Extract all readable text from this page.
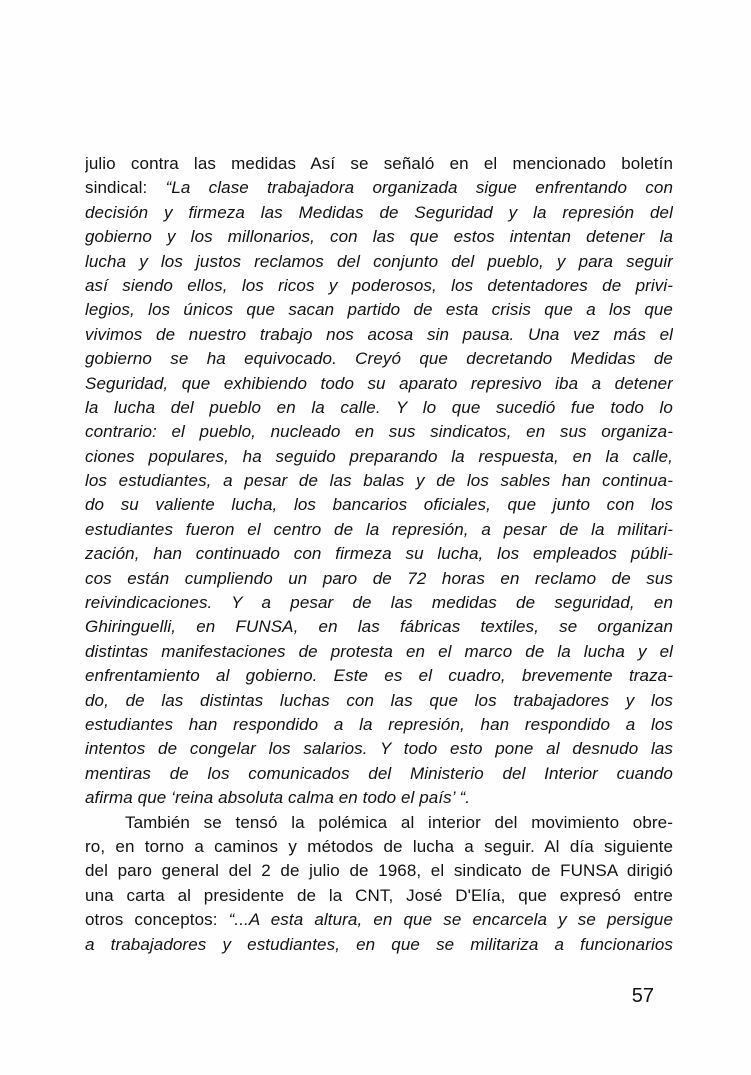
julio contra las medidas Así se señaló en el mencionado boletín
sindical: “La clase trabajadora organizada sigue enfrentando con
decisión y firmeza las Medidas de Seguridad y la represión del
gobierno y los millonarios, con las que estos intentan detener la
lucha y los justos reclamos del conjunto del pueblo, y para seguir
así siendo ellos, los ricos y poderosos, los detentadores de privi-
legios, los únicos que sacan partido de esta crisis que a los que
vivimos de nuestro trabajo nos acosa sin pausa. Una vez más el
gobierno se ha equivocado. Creyó que decretando Medidas de
Seguridad, que exhibiendo todo su aparato represivo iba a detener
la lucha del pueblo en la calle. Y lo que sucedió fue todo lo
contrario: el pueblo, nucleado en sus sindicatos, en sus organiza-
ciones populares, ha seguido preparando la respuesta, en la calle,
los estudiantes, a pesar de las balas y de los sables han continua-
do su valiente lucha, los bancarios oficiales, que junto con los
estudiantes fueron el centro de la represión, a pesar de la militari-
zación, han continuado con firmeza su lucha, los empleados públi-
cos están cumpliendo un paro de 72 horas en reclamo de sus
reivindicaciones. Y a pesar de las medidas de seguridad, en
Ghiringuelli, en FUNSA, en las fábricas textiles, se organizan
distintas manifestaciones de protesta en el marco de la lucha y el
enfrentamiento al gobierno. Este es el cuadro, brevemente traza-
do, de las distintas luchas con las que los trabajadores y los
estudiantes han respondido a la represión, han respondido a los
intentos de congelar los salarios. Y todo esto pone al desnudo las
mentiras de los comunicados del Ministerio del Interior cuando
afirma que ‘reina absoluta calma en todo el país’ “.
También se tensó la polémica al interior del movimiento obre-
ro, en torno a caminos y métodos de lucha a seguir. Al día siguiente
del paro general del 2 de julio de 1968, el sindicato de FUNSA dirigió
una carta al presidente de la CNT, José D'Elía, que expresó entre
otros conceptos: “...A esta altura, en que se encarcela y se persigue
a trabajadores y estudiantes, en que se militariza a funcionarios
57
